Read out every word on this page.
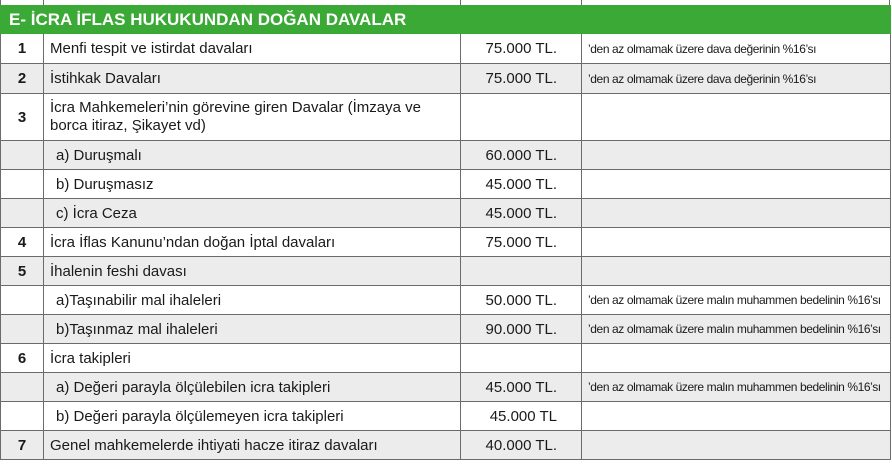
E- İCRA İFLAS HUKUKUNDAN DOĞAN DAVALAR			
1	Menfi tespit ve istirdat davaları	75.000 TL.	’den az olmamak üzere dava değerinin %16’sı
2	İstihkak Davaları	75.000 TL.	’den az olmamak üzere dava değerinin %16’sı
3	İcra Mahkemeleri’nin görevine giren Davalar (İmzaya ve borca itiraz, Şikayet vd)		
	a) Duruşmalı	60.000 TL.	
	b) Duruşmasız	45.000 TL.	
	c) İcra Ceza	45.000 TL.	
4	İcra İflas Kanunu’ndan doğan İptal davaları	75.000 TL.	
5	İhalenin feshi davası		
	a)Taşınabilir mal ihaleleri	50.000 TL.	’den az olmamak üzere malın muhammen bedelinin %16’sı
	b)Taşınmaz mal ihaleleri	90.000 TL.	’den az olmamak üzere malın muhammen bedelinin %16’sı
6	İcra takipleri		
	a) Değeri parayla ölçülebilen icra takipleri	45.000 TL.	’den az olmamak üzere malın muhammen bedelinin %16’sı
	b) Değeri parayla ölçülemeyen icra takipleri	45.000 TL	
7	Genel mahkemelerde ihtiyati hacze itiraz davaları	40.000 TL.	
